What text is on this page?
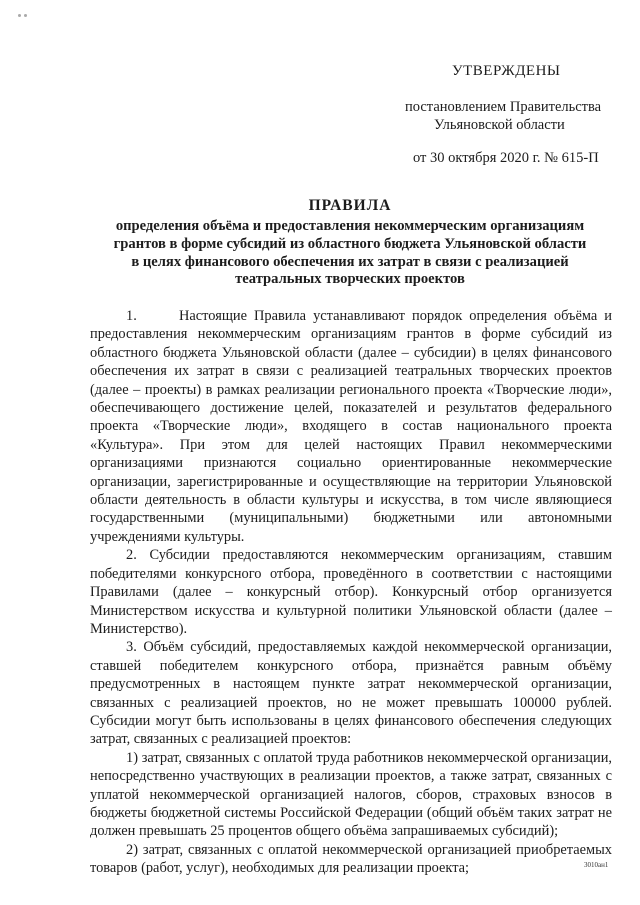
УТВЕРЖДЕНЫ
постановлением Правительства
Ульяновской области
от 30 октября 2020 г. № 615-П
ПРАВИЛА
определения объёма и предоставления некоммерческим организациям
грантов в форме субсидий из областного бюджета Ульяновской области
в целях финансового обеспечения их затрат в связи с реализацией
театральных творческих проектов

1.      Настоящие Правила устанавливают порядок определения объёма и предоставления некоммерческим организациям грантов в форме субсидий из областного бюджета Ульяновской области (далее – субсидии) в целях финансового обеспечения их затрат в связи с реализацией театральных творческих проектов (далее – проекты) в рамках реализации регионального проекта «Творческие люди», обеспечивающего достижение целей, показателей и результатов федерального проекта «Творческие люди», входящего в состав национального проекта «Культура». При этом для целей настоящих Правил некоммерческими организациями признаются социально ориентированные некоммерческие организации, зарегистрированные и осуществляющие на территории Ульяновской области деятельность в области культуры и искусства, в том числе являющиеся государственными (муниципальными) бюджетными или автономными учреждениями культуры.

2. Субсидии предоставляются некоммерческим организациям, ставшим победителями конкурсного отбора, проведённого в соответствии с настоящими Правилами (далее – конкурсный отбор). Конкурсный отбор организуется Министерством искусства и культурной политики Ульяновской области (далее – Министерство).

3. Объём субсидий, предоставляемых каждой некоммерческой организации, ставшей победителем конкурсного отбора, признаётся равным объёму предусмотренных в настоящем пункте затрат некоммерческой организации, связанных с реализацией проектов, но не может превышать 100000 рублей. Субсидии могут быть использованы в целях финансового обеспечения следующих затрат, связанных с реализацией проектов:

1) затрат, связанных с оплатой труда работников некоммерческой организации, непосредственно участвующих в реализации проектов, а также затрат, связанных с уплатой некоммерческой организацией налогов, сборов, страховых взносов в бюджеты бюджетной системы Российской Федерации (общий объём таких затрат не должен превышать 25 процентов общего объёма запрашиваемых субсидий);

2) затрат, связанных с оплатой некоммерческой организацией приобретаемых товаров (работ, услуг), необходимых для реализации проекта;	3010ан1
